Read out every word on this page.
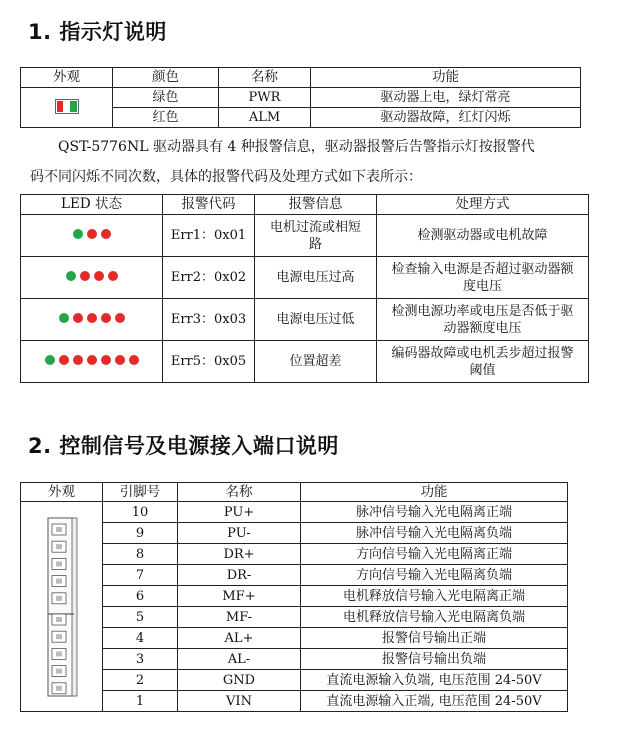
1. 指示灯说明
外观	颜色	名称	功能

	绿色	PWR	驱动器上电，绿灯常亮
	红色	ALM	驱动器故障，红灯闪烁
QST-5776NL 驱动器具有 4 种报警信息，驱动器报警后告警指示灯按报警代
码不同闪烁不同次数，具体的报警代码及处理方式如下表所示：
LED 状态	报警代码	报警信息	处理方式

	Err1：0x01	电机过流或相短路	检测驱动器或电机故障

	Err2：0x02	电源电压过高	检查输入电源是否超过驱动器额度电压

	Err3：0x03	电源电压过低	检测电源功率或电压是否低于驱动器额度电压

	Err5：0x05	位置超差	编码器故障或电机丢步超过报警阈值
2. 控制信号及电源接入端口说明
外观	引脚号	名称	功能

	10	PU+	脉冲信号输入光电隔离正端
	9	PU-	脉冲信号输入光电隔离负端
	8	DR+	方向信号输入光电隔离正端
	7	DR-	方向信号输入光电隔离负端
	6	MF+	电机释放信号输入光电隔离正端
	5	MF-	电机释放信号输入光电隔离负端
	4	AL+	报警信号输出正端
	3	AL-	报警信号输出负端
	2	GND	直流电源输入负端, 电压范围 24-50V
	1	VIN	直流电源输入正端, 电压范围 24-50V
